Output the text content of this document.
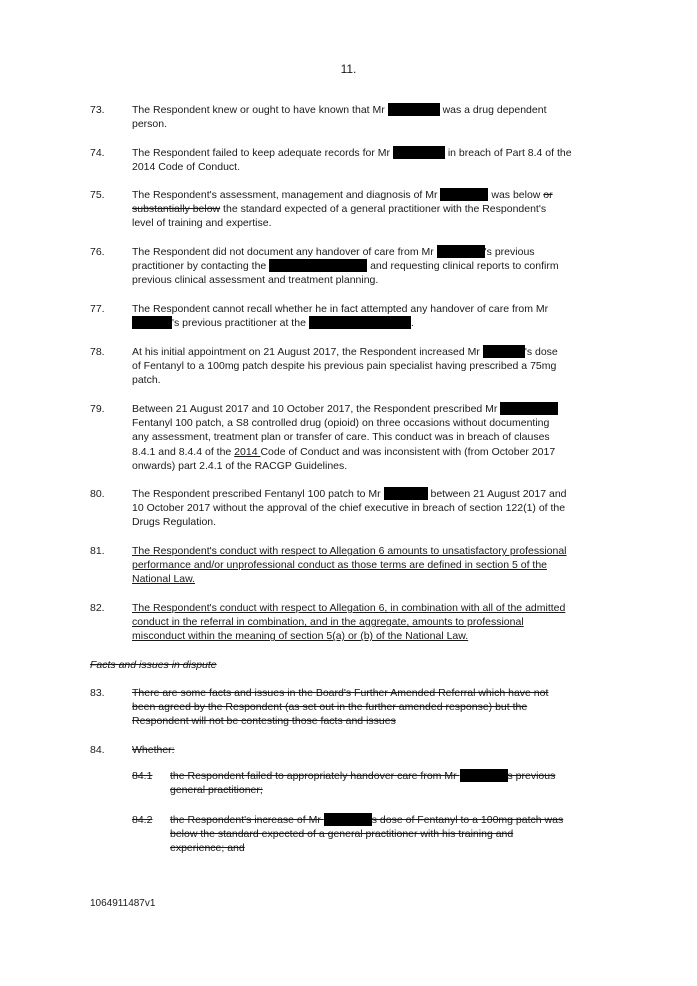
11.
73.	The Respondent knew or ought to have known that Mr	was a drug dependent
person.
74.	The Respondent failed to keep adequate records for Mr	in breach of Part 8.4 of the
2014 Code of Conduct.
75.	The Respondent's assessment, management and diagnosis of Mr	was below or
substantially below the standard expected of a general practitioner with the Respondent's
level of training and expertise.
76.	The Respondent did not document any handover of care from Mr	's previous
practitioner by contacting the	and requesting clinical reports to confirm
previous clinical assessment and treatment planning.
77.	The Respondent cannot recall whether he in fact attempted any handover of care from Mr
's previous practitioner at the	.
78.	At his initial appointment on 21 August 2017, the Respondent increased Mr	's dose
of Fentanyl to a 100mg patch despite his previous pain specialist having prescribed a 75mg
patch.
79.	Between 21 August 2017 and 10 October 2017, the Respondent prescribed Mr
Fentanyl 100 patch, a S8 controlled drug (opioid) on three occasions without documenting
any assessment, treatment plan or transfer of care. This conduct was in breach of clauses
8.4.1 and 8.4.4 of the 2014 Code of Conduct and was inconsistent with (from October 2017
onwards) part 2.4.1 of the RACGP Guidelines.
80.	The Respondent prescribed Fentanyl 100 patch to Mr	between 21 August 2017 and
10 October 2017 without the approval of the chief executive in breach of section 122(1) of the
Drugs Regulation.
81.	The Respondent's conduct with respect to Allegation 6 amounts to unsatisfactory professional
performance and/or unprofessional conduct as those terms are defined in section 5 of the
National Law.
82.	The Respondent's conduct with respect to Allegation 6, in combination with all of the admitted
conduct in the referral in combination, and in the aggregate, amounts to professional
misconduct within the meaning of section 5(a) or (b) of the National Law.
83.	There are some facts and issues in the Board's Further Amended Referral which have not
been agreed by the Respondent (as set out in the further amended response) but the
Respondent will not be contesting those facts and issues
84.	Whether:
Facts and issues in dispute
84.1 the Respondent failed to appropriately handover care from Mr	s previous
general practitioner;
84.2 the Respondent's increase of Mr	s dose of Fentanyl to a 100mg patch was
below the standard expected of a general practitioner with his training and
experience; and
1064911487v1
